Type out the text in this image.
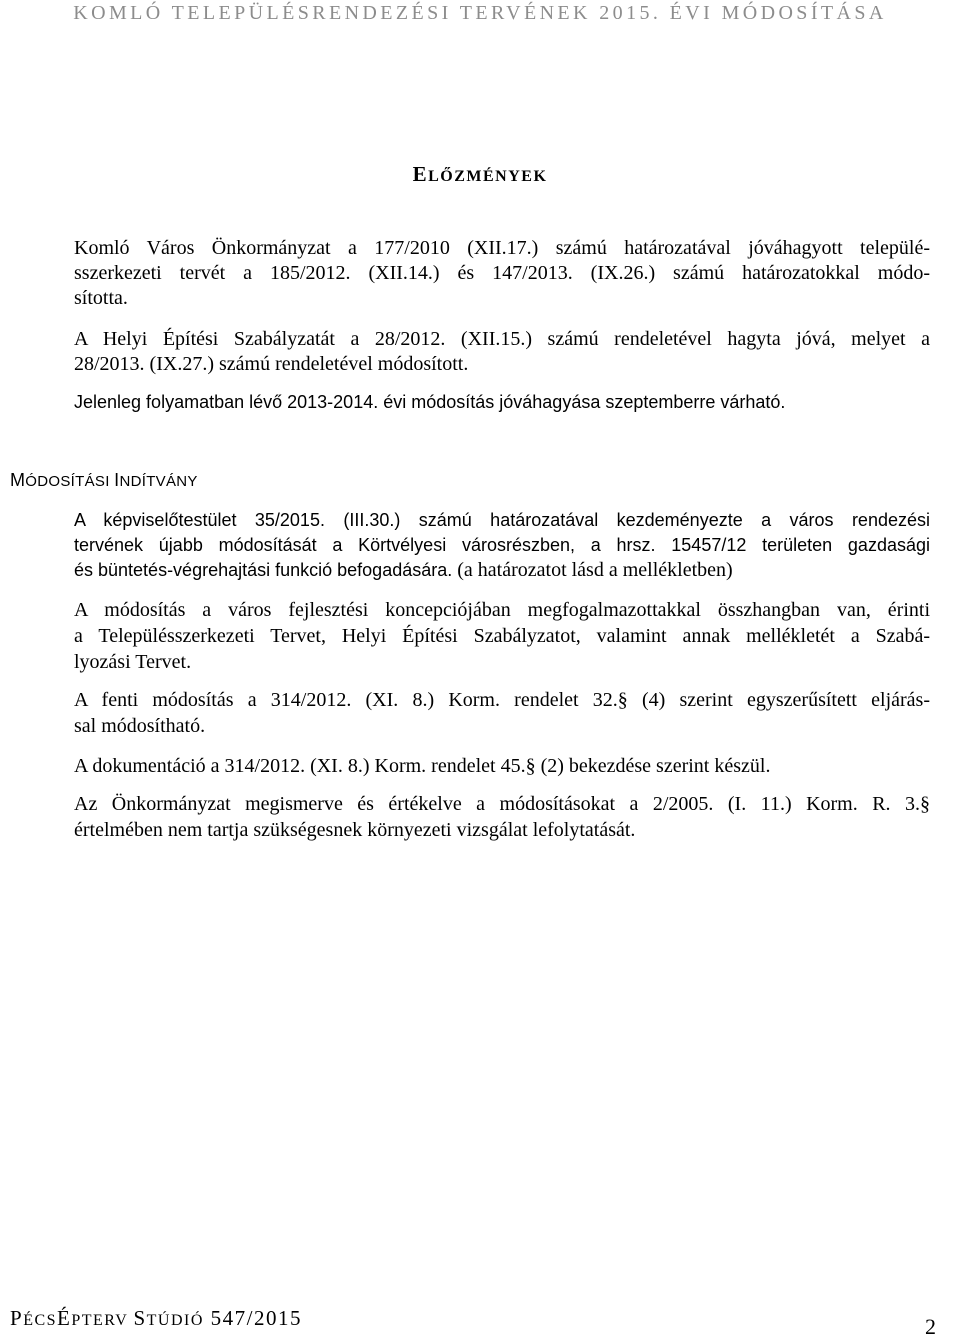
KOMLÓ TELEPÜLÉSRENDEZÉSI TERVÉNEK 2015. ÉVI MÓDOSÍTÁSA
ELŐZMÉNYEK
Komló Város Önkormányzat a 177/2010 (XII.17.) számú határozatával jóváhagyott települé-
sszerkezeti tervét a 185/2012. (XII.14.) és 147/2013. (IX.26.) számú határozatokkal módo-
sította.
A Helyi Építési Szabályzatát a 28/2012. (XII.15.) számú rendeletével hagyta jóvá, melyet a
28/2013. (IX.27.) számú rendeletével módosított.
Jelenleg folyamatban lévő 2013-2014. évi módosítás jóváhagyása szeptemberre várható.
MÓDOSÍTÁSI INDÍTVÁNY
A képviselőtestület 35/2015. (III.30.) számú határozatával kezdeményezte a város rendezési
tervének újabb módosítását a Körtvélyesi városrészben, a hrsz. 15457/12 területen gazdasági
és büntetés-végrehajtási funkció befogadására. (a határozatot lásd a mellékletben)
A módosítás a város fejlesztési koncepciójában megfogalmazottakkal összhangban van, érinti
a Településszerkezeti Tervet, Helyi Építési Szabályzatot, valamint annak mellékletét a Szabá-
lyozási Tervet.
A fenti módosítás a 314/2012. (XI. 8.) Korm. rendelet 32.§ (4) szerint egyszerűsített eljárás-
sal módosítható.
A dokumentáció a 314/2012. (XI. 8.) Korm. rendelet 45.§ (2) bekezdése szerint készül.
Az Önkormányzat megismerve és értékelve a módosításokat a 2/2005. (I. 11.) Korm. R. 3.§
értelmében nem tartja szükségesnek környezeti vizsgálat lefolytatását.
PÉCSÉPTERV STÚDIÓ 547/2015	2
